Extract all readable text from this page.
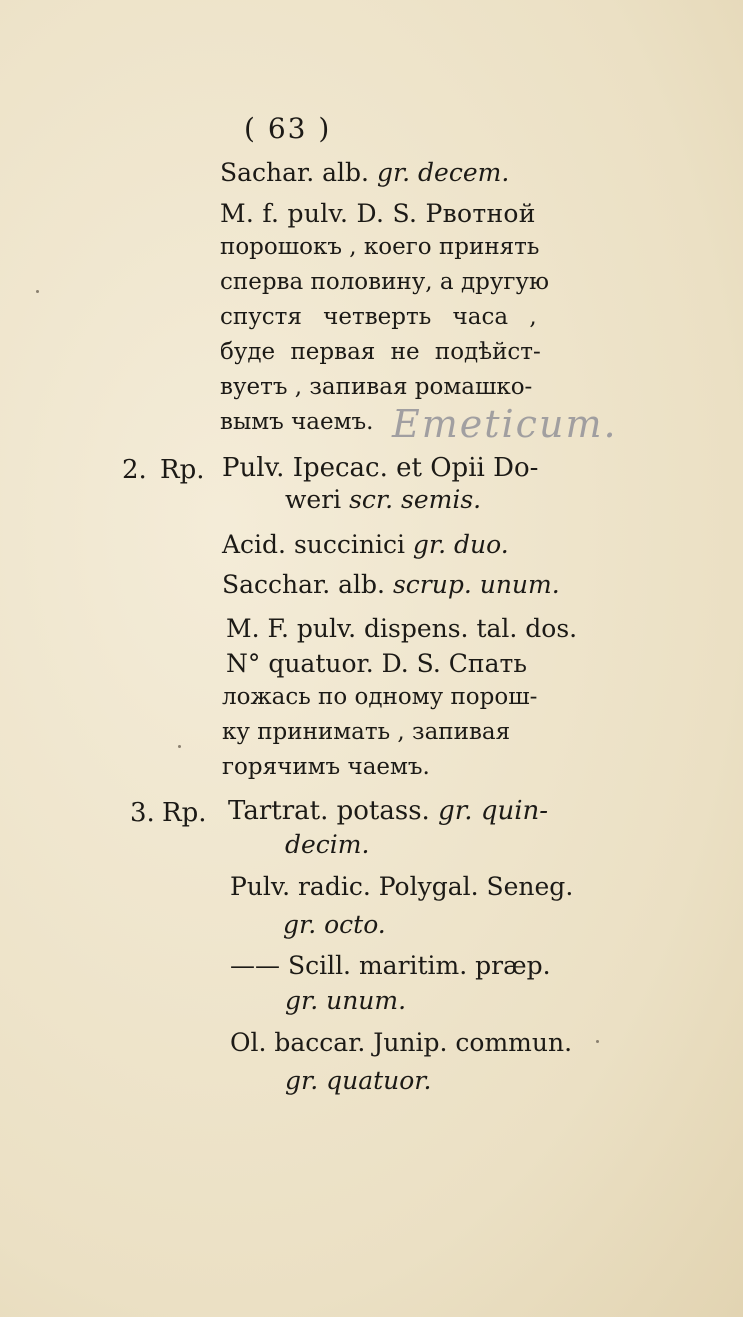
( 63 )
Sachar. alb. gr. decem.
M. f. pulv. D. S. Рвотной
порошокъ , коего принять
сперва половину, а другую
спустя четверть часа ,
буде первая не подѣйст-
вуетъ , запивая ромашко-
вымъ чаемъ. Emeticum.
2. Rp. Pulv. Ipecac. et Opii Do-
weri scr. semis.
Acid. succinici gr. duo.
Sacchar. alb. scrup. unum.
M. F. pulv. dispens. tal. dos.
N° quatuor. D. S. Спать
ложась по одному порош-
ку принимать , запивая
горячимъ чаемъ.
3. Rp. Tartrat. potass. gr. quin-
decim.
Pulv. radic. Polygal. Seneg.
gr. octo.
—— Scill. maritim. præp.
gr. unum.
Ol. baccar. Junip. commun.
gr. quatuor.
